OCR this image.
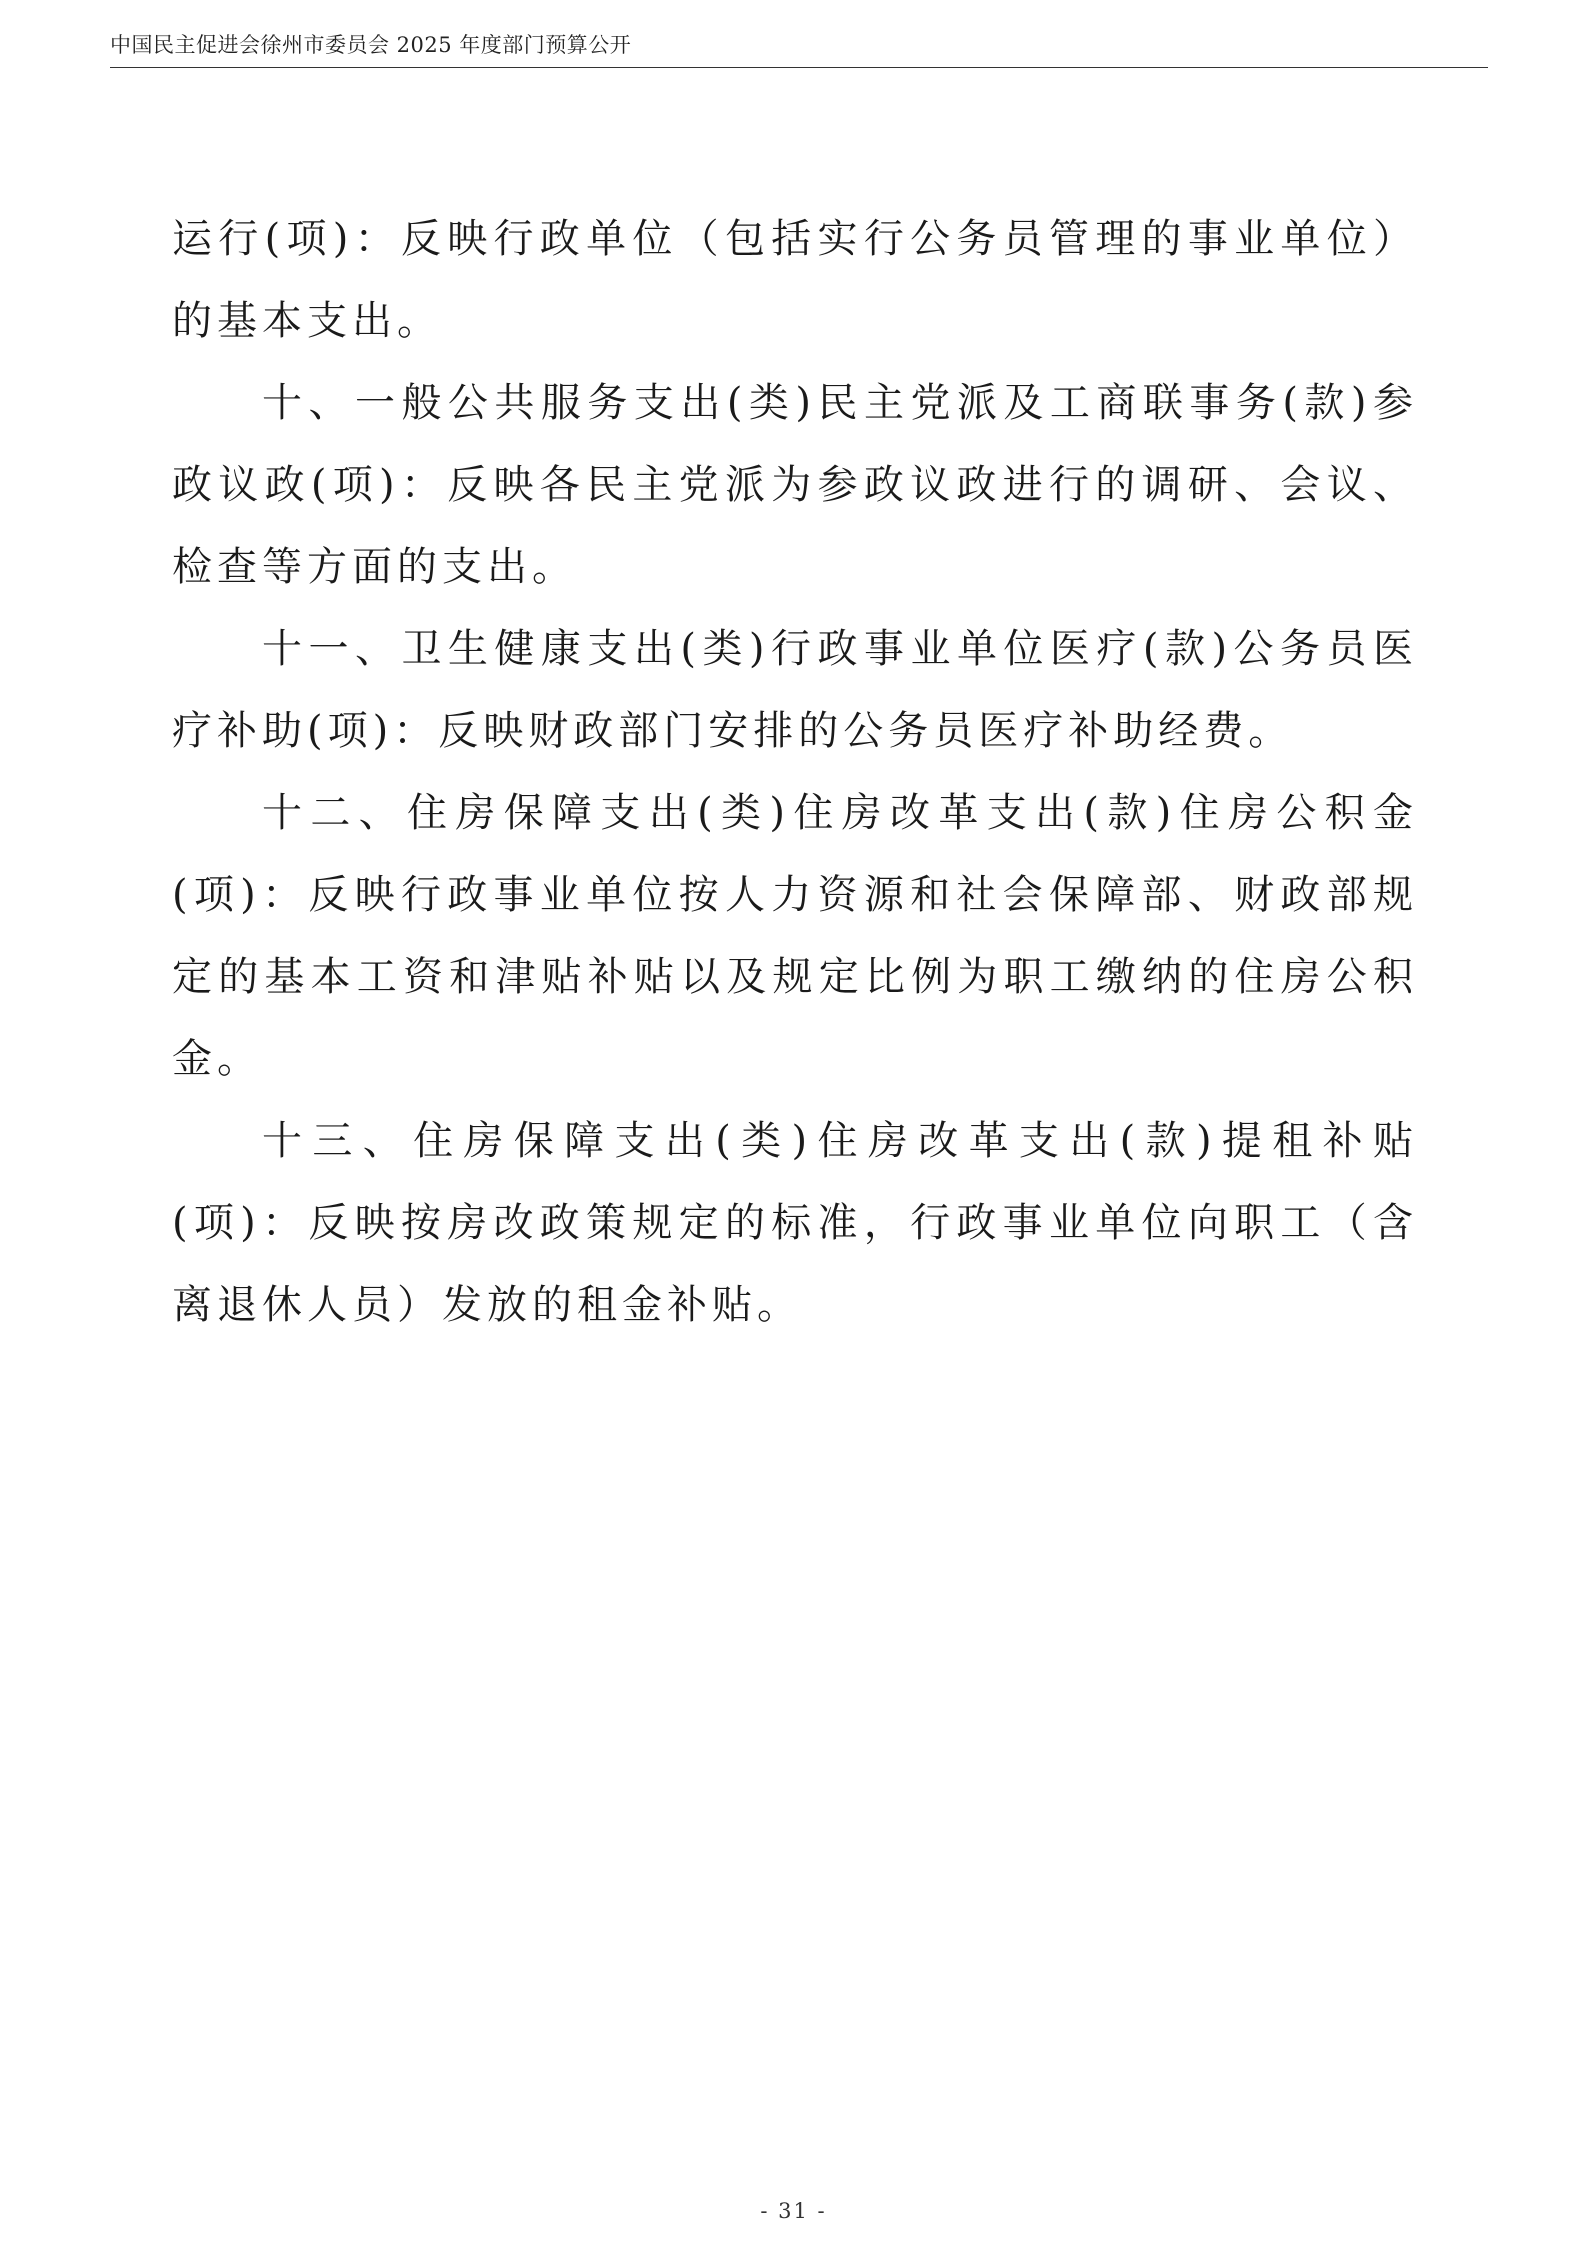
中国民主促进会徐州市委员会 2025 年度部门预算公开

运行(项)：反映行政单位（包括实行公务员管理的事业单位）的基本支出。

十、一般公共服务支出(类)民主党派及工商联事务(款)参政议政(项)：反映各民主党派为参政议政进行的调研、会议、检查等方面的支出。

十一、卫生健康支出(类)行政事业单位医疗(款)公务员医疗补助(项)：反映财政部门安排的公务员医疗补助经费。

十二、住房保障支出(类)住房改革支出(款)住房公积金(项)：反映行政事业单位按人力资源和社会保障部、财政部规定的基本工资和津贴补贴以及规定比例为职工缴纳的住房公积金。

十三、住房保障支出(类)住房改革支出(款)提租补贴(项)：反映按房改政策规定的标准，行政事业单位向职工（含离退休人员）发放的租金补贴。

- 31 -
